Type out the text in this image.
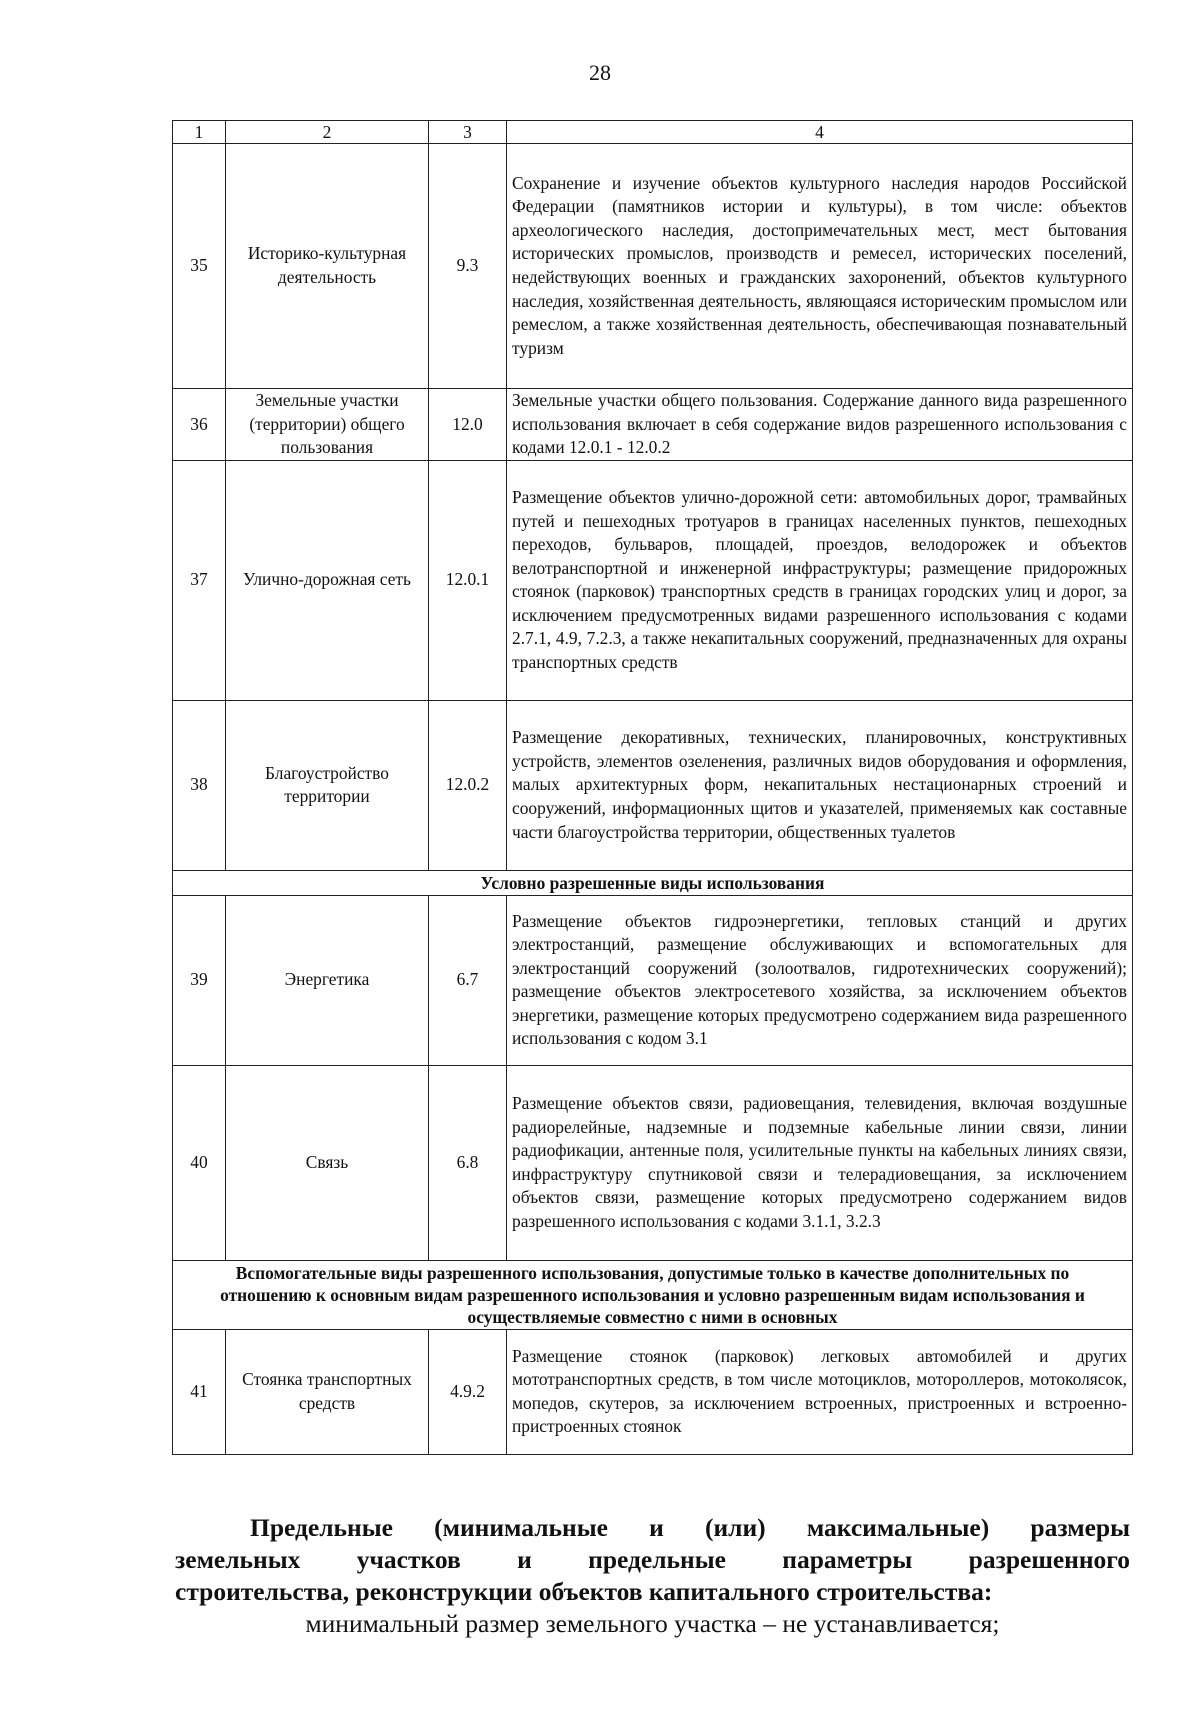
28
1	2	3	4
35	Историко-культурная деятельность	9.3	Сохранение и изучение объектов культурного наследия народов Российской Федерации (памятников истории и культуры), в том числе: объектов археологического наследия, достопримечательных мест, мест бытования исторических промыслов, производств и ремесел, исторических поселений, недействующих военных и гражданских захоронений, объектов культурного наследия, хозяйственная деятельность, являющаяся историческим промыслом или ремеслом, а также хозяйственная деятельность, обеспечивающая познавательный туризм
36	Земельные участки (территории) общего пользования	12.0	Земельные участки общего пользования. Содержание данного вида разрешенного использования включает в себя содержание видов разрешенного использования с кодами 12.0.1 - 12.0.2
37	Улично-дорожная сеть	12.0.1	Размещение объектов улично-дорожной сети: автомобильных дорог, трамвайных путей и пешеходных тротуаров в границах населенных пунктов, пешеходных переходов, бульваров, площадей, проездов, велодорожек и объектов велотранспортной и инженерной инфраструктуры; размещение придорожных стоянок (парковок) транспортных средств в границах городских улиц и дорог, за исключением предусмотренных видами разрешенного использования с кодами 2.7.1, 4.9, 7.2.3, а также некапитальных сооружений, предназначенных для охраны транспортных средств
38	Благоустройство территории	12.0.2	Размещение декоративных, технических, планировочных, конструктивных устройств, элементов озеленения, различных видов оборудования и оформления, малых архитектурных форм, некапитальных нестационарных строений и сооружений, информационных щитов и указателей, применяемых как составные части благоустройства территории, общественных туалетов
Условно разрешенные виды использования			
39	Энергетика	6.7	Размещение объектов гидроэнергетики, тепловых станций и других электростанций, размещение обслуживающих и вспомогательных для электростанций сооружений (золоотвалов, гидротехнических сооружений); размещение объектов электросетевого хозяйства, за исключением объектов энергетики, размещение которых предусмотрено содержанием вида разрешенного использования с кодом 3.1
40	Связь	6.8	Размещение объектов связи, радиовещания, телевидения, включая воздушные радиорелейные, надземные и подземные кабельные линии связи, линии радиофикации, антенные поля, усилительные пункты на кабельных линиях связи, инфраструктуру спутниковой связи и телерадиовещания, за исключением объектов связи, размещение которых предусмотрено содержанием видов разрешенного использования с кодами 3.1.1, 3.2.3
Вспомогательные виды разрешенного использования, допустимые только в качестве дополнительных по отношению к основным видам разрешенного использования и условно разрешенным видам использования и осуществляемые совместно с ними в основных			
41	Стоянка транспортных средств	4.9.2	Размещение стоянок (парковок) легковых автомобилей и других мототранспортных средств, в том числе мотоциклов, мотороллеров, мотоколясок, мопедов, скутеров, за исключением встроенных, пристроенных и встроенно-пристроенных стоянок
Предельные (минимальные и (или) максимальные) размеры
земельных участков и предельные параметры разрешенного
строительства, реконструкции объектов капитального строительства:
минимальный размер земельного участка – не устанавливается;
